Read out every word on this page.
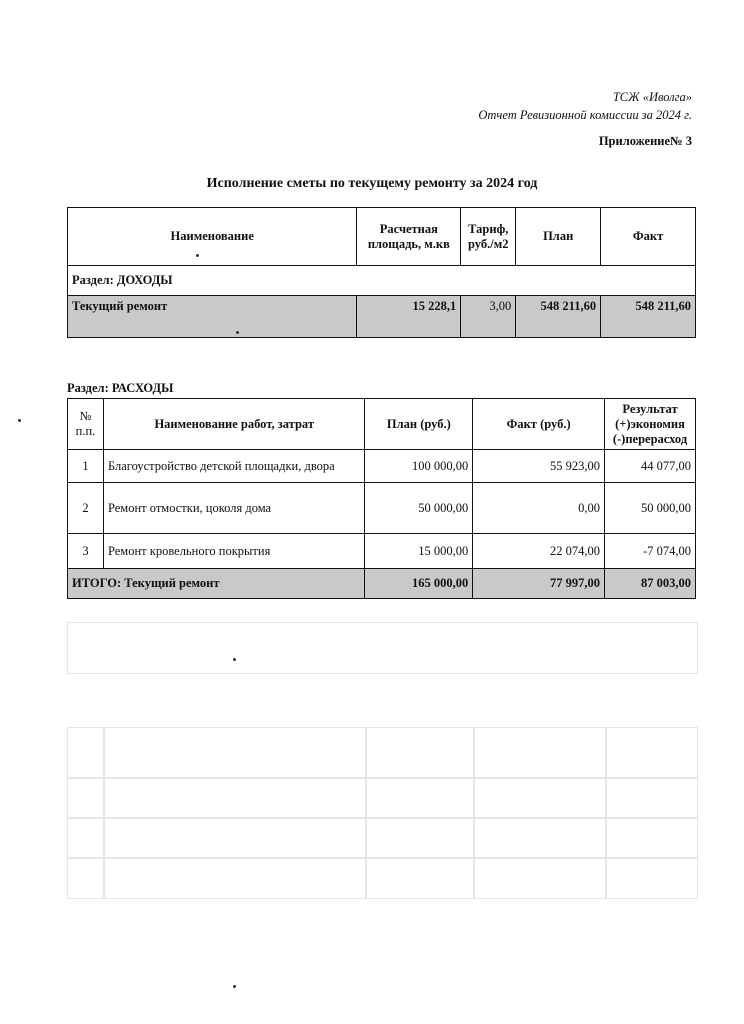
ТСЖ «Иволга»
Отчет Ревизионной комиссии за 2024 г.
Приложение№ 3
Исполнение сметы по текущему ремонту за 2024 год
Наименование	Расчетная площадь, м.кв	Тариф, руб./м2	План	Факт
Раздел: ДОХОДЫ				
Текущий ремонт	15 228,1	3,00	548 211,60	548 211,60
Раздел: РАСХОДЫ
№ п.п.	Наименование работ, затрат	План (руб.)	Факт (руб.)	Результат (+)экономия (-)перерасход
1	Благоустройство детской площадки, двора	100 000,00	55 923,00	44 077,00
2	Ремонт отмостки, цоколя дома	50 000,00	0,00	50 000,00
3	Ремонт кровельного покрытия	15 000,00	22 074,00	-7 074,00
ИТОГО: Текущий ремонт		165 000,00	77 997,00	87 003,00
